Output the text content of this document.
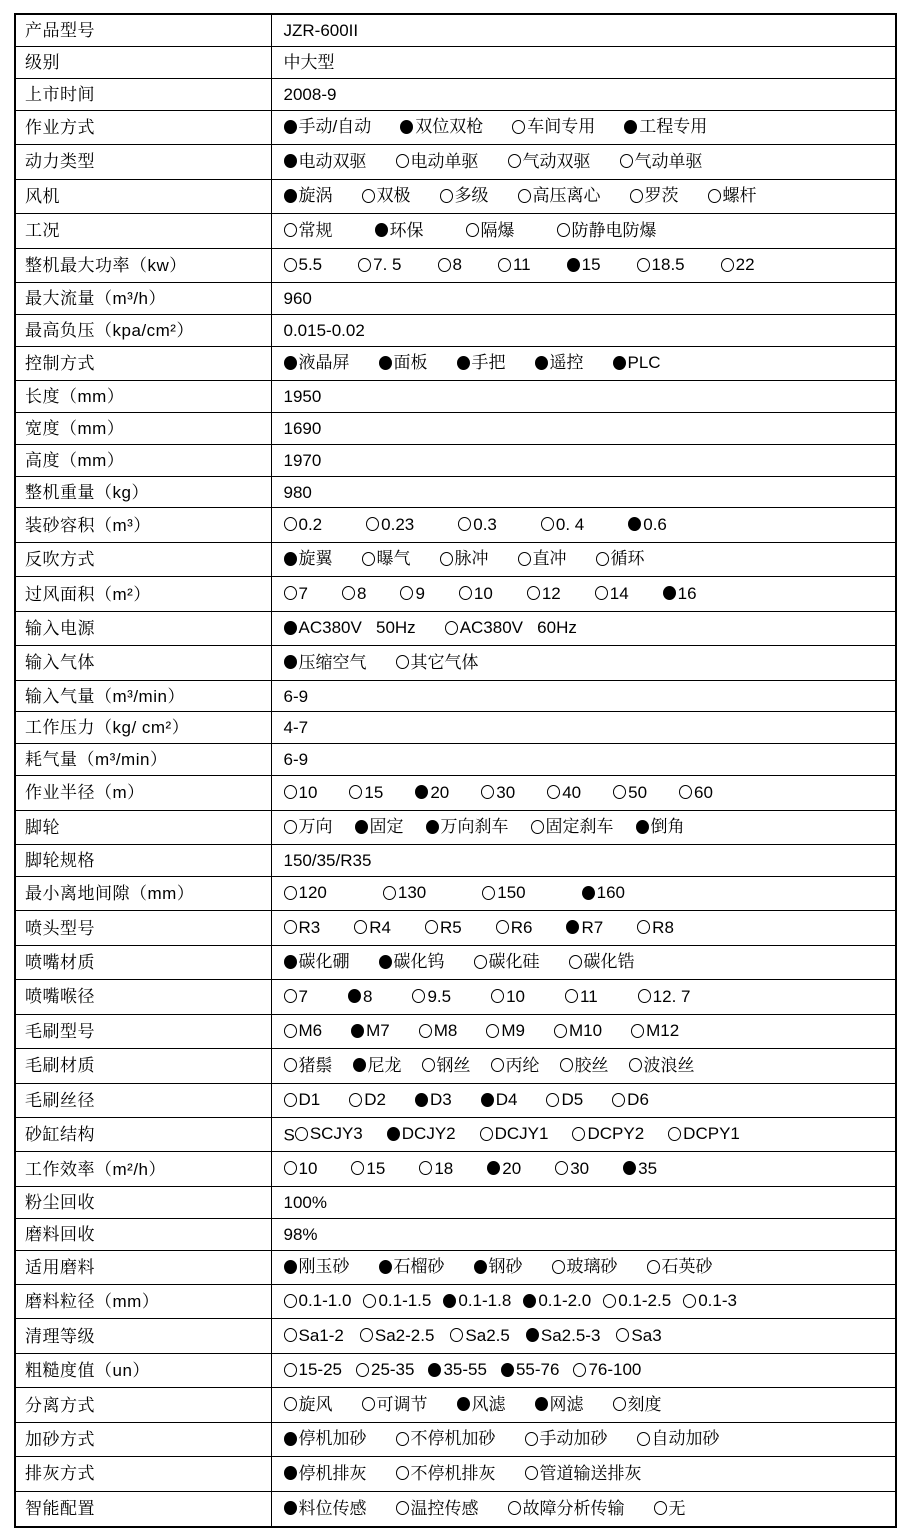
产品型号	JZR-600II
级别	中大型
上市时间	2008-9
作业方式	手动/自动 双位双枪 车间专用 工程专用

动力类型	电动双驱 电动单驱 气动双驱 气动单驱

风机	旋涡	双极	多级	高压离心	罗茨	螺杆

工况	常规 环保 隔爆 防静电防爆

整机最大功率（kw）	5.5	7. 5	8	11	15	18.5	22

最大流量（m³/h）	960
最高负压（kpa/cm²）	0.015-0.02
控制方式	液晶屏 面板 手把 遥控 PLC

长度（mm）	1950
宽度（mm）	1690
高度（mm）	1970
整机重量（kg）	980
装砂容积（m³）	0.2 0.23 0.3 0. 4 0.6

反吹方式	旋翼 曝气 脉冲 直冲 循环

过风面积（m²）	7	8	9	10	12	14	16

输入电源	AC380V   50Hz AC380V   60Hz

输入气体	压缩空气 其它气体

输入气量（m³/min）	6-9
工作压力（kg/ cm²）	4-7
耗气量（m³/min）	6-9
作业半径（m）	10	15	20	30	40	50	60

脚轮	万向 固定 万向刹车 固定刹车 倒角

脚轮规格	150/35/R35
最小离地间隙（mm）	120 130 150 160

喷头型号	R3	R4	R5	R6	R7	R8

喷嘴材质	碳化硼 碳化钨 碳化硅 碳化锆

喷嘴喉径	7	8	9.5	10	11	12. 7

毛刷型号	M6	M7	M8	M9	M10	M12

毛刷材质	猪鬃 尼龙 钢丝 丙纶 胶丝 波浪丝

毛刷丝径	D1	D2	D3	D4	D5	D6

砂缸结构	S SCJY3 DCJY2 DCJY1 DCPY2 DCPY1

工作效率（m²/h）	10	15	18	20	30	35

粉尘回收	100%
磨料回收	98%
适用磨料	刚玉砂 石榴砂 钢砂 玻璃砂 石英砂

磨料粒径（mm）	0.1-1.0 0.1-1.5 0.1-1.8 0.1-2.0 0.1-2.5 0.1-3

清理等级	Sa1-2 Sa2-2.5 Sa2.5 Sa2.5-3 Sa3

粗糙度值（un）	15-25 25-35 35-55 55-76 76-100

分离方式	旋风 可调节 风滤 网滤 刻度

加砂方式	停机加砂 不停机加砂 手动加砂 自动加砂

排灰方式	停机排灰 不停机排灰 管道输送排灰

智能配置	料位传感 温控传感 故障分析传输 无
